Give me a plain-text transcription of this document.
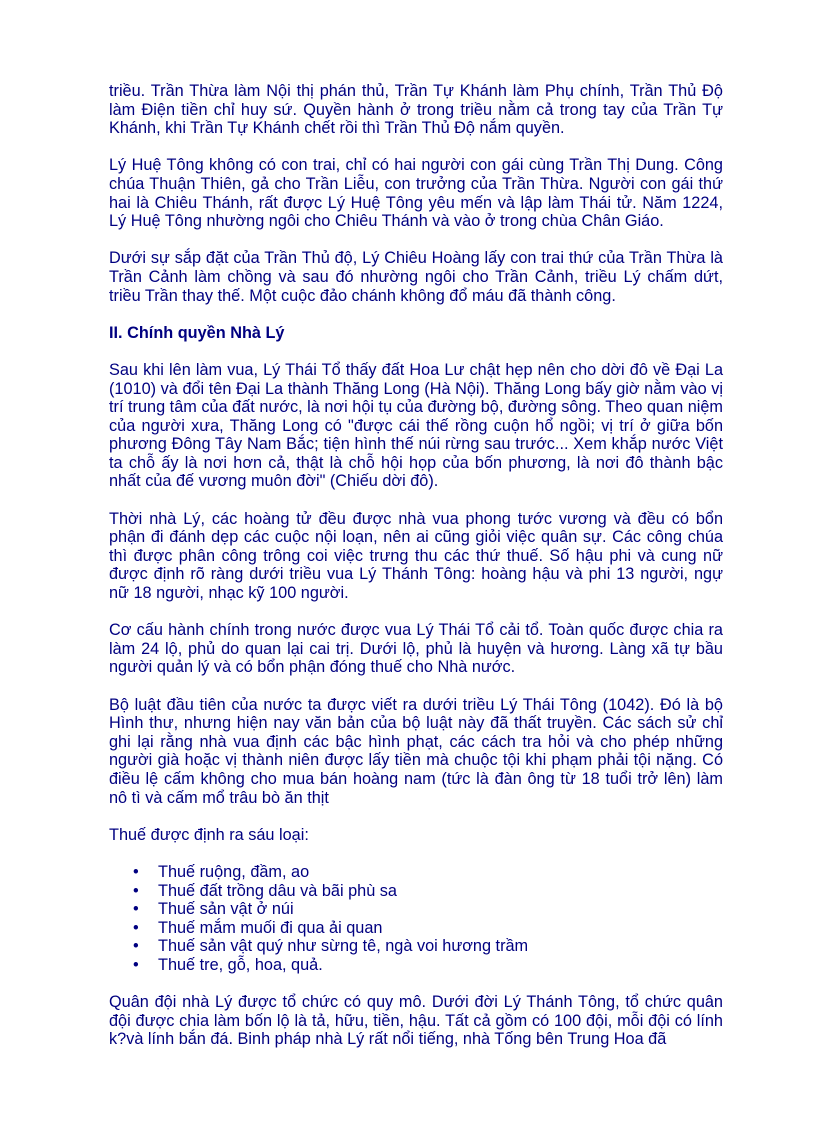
triều. Trần Thừa làm Nội thị phán thủ, Trần Tự Khánh làm Phụ chính, Trần Thủ Độ làm Điện tiền chỉ huy sứ. Quyền hành ở trong triều nằm cả trong tay của Trần Tự Khánh, khi Trần Tự Khánh chết rồi thì Trần Thủ Độ nắm quyền.

Lý Huệ Tông không có con trai, chỉ có hai người con gái cùng Trần Thị Dung. Công chúa Thuận Thiên, gả cho Trần Liễu, con trưởng của Trần Thừa. Người con gái thứ hai là Chiêu Thánh, rất được Lý Huệ Tông yêu mến và lập làm Thái tử. Năm 1224, Lý Huệ Tông nhường ngôi cho Chiêu Thánh và vào ở trong chùa Chân Giáo.

Dưới sự sắp đặt của Trần Thủ độ, Lý Chiêu Hoàng lấy con trai thứ của Trần Thừa là Trần Cảnh làm chồng và sau đó nhường ngôi cho Trần Cảnh, triều Lý chấm dứt, triều Trần thay thế. Một cuộc đảo chánh không đổ máu đã thành công.

II. Chính quyền Nhà Lý

Sau khi lên làm vua, Lý Thái Tổ thấy đất Hoa Lư chật hẹp nên cho dời đô về Đại La (1010) và đổi tên Đại La thành Thăng Long (Hà Nội). Thăng Long bấy giờ nằm vào vị trí trung tâm của đất nước, là nơi hội tụ của đường bộ, đường sông. Theo quan niệm của người xưa, Thăng Long có "được cái thế rồng cuộn hổ ngồi; vị trí ở giữa bốn phương Đông Tây Nam Bắc; tiện hình thế núi rừng sau trước... Xem khắp nước Việt ta chỗ ấy là nơi hơn cả, thật là chỗ hội họp của bốn phương, là nơi đô thành bậc nhất của đế vương muôn đời" (Chiếu dời đô).

Thời nhà Lý, các hoàng tử đều được nhà vua phong tước vương và đều có bổn phận đi đánh dẹp các cuộc nội loạn, nên ai cũng giỏi việc quân sự. Các công chúa thì được phân công trông coi việc trưng thu các thứ thuế. Số hậu phi và cung nữ được định rõ ràng dưới triều vua Lý Thánh Tông: hoàng hậu và phi 13 người, ngự nữ 18 người, nhạc kỹ 100 người.

Cơ cấu hành chính trong nước được vua Lý Thái Tổ cải tổ. Toàn quốc được chia ra làm 24 lộ, phủ do quan lại cai trị. Dưới lộ, phủ là huyện và hương. Làng xã tự bầu người quản lý và có bổn phận đóng thuế cho Nhà nước.

Bộ luật đầu tiên của nước ta được viết ra dưới triều Lý Thái Tông (1042). Đó là bộ Hình thư, nhưng hiện nay văn bản của bộ luật này đã thất truyền. Các sách sử chỉ ghi lại rằng nhà vua định các bậc hình phạt, các cách tra hỏi và cho phép những người già hoặc vị thành niên được lấy tiền mà chuộc tội khi phạm phải tội nặng. Có điều lệ cấm không cho mua bán hoàng nam (tức là đàn ông từ 18 tuổi trở lên) làm nô tì và cấm mổ trâu bò ăn thịt

Thuế được định ra sáu loại:

• Thuế ruộng, đầm, ao
• Thuế đất trồng dâu và bãi phù sa
• Thuế sản vật ở núi
• Thuế mắm muối đi qua ải quan
• Thuế sản vật quý như sừng tê, ngà voi hương trầm
• Thuế tre, gỗ, hoa, quả.

Quân đội nhà Lý được tổ chức có quy mô. Dưới đời Lý Thánh Tông, tổ chức quân đội được chia làm bốn lộ là tả, hữu, tiền, hậu. Tất cả gồm có 100 đội, mỗi đội có lính k?và lính bắn đá. Binh pháp nhà Lý rất nổi tiếng, nhà Tống bên Trung Hoa đã
